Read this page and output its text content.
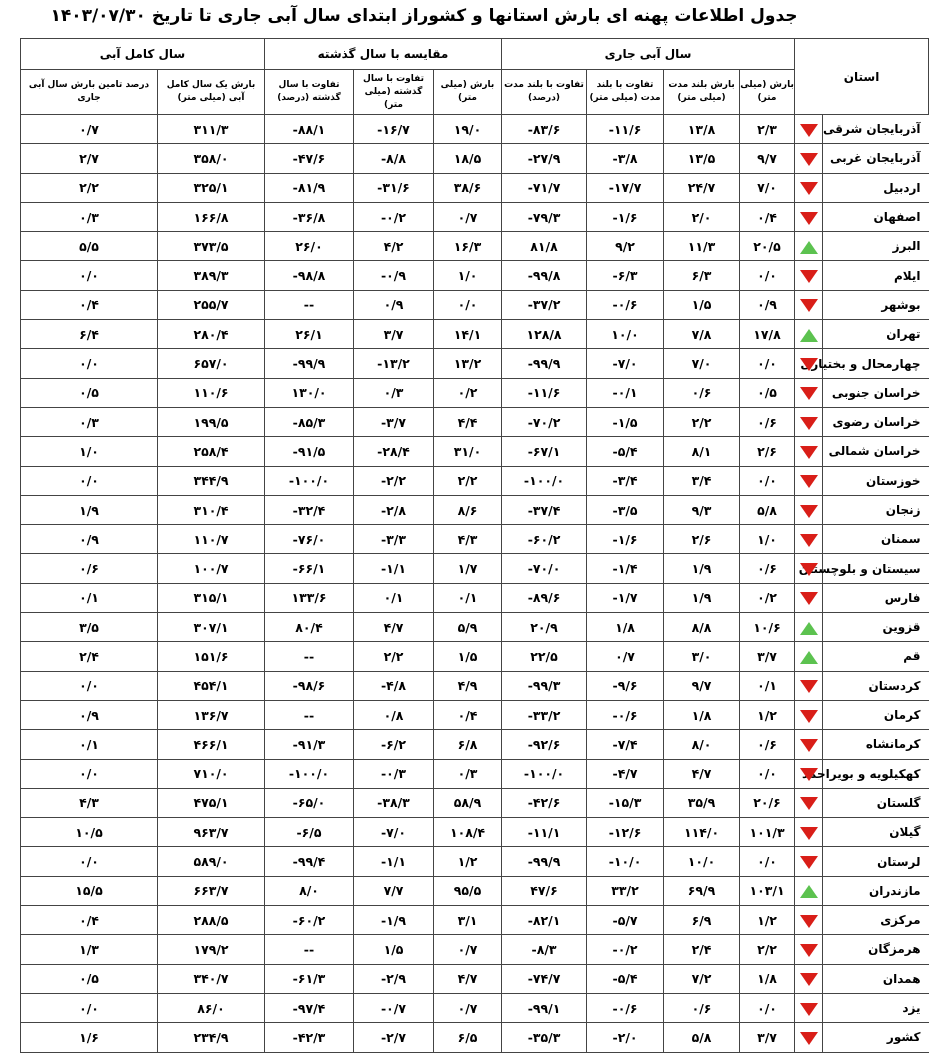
جدول اطلاعات پهنه ای بارش استانها و کشوراز ابتدای سال آبی جاری تا تاریخ ۱۴۰۳/۰۷/۳۰
استان		سال آبی جاری				مقایسه با سال گذشته			سال کامل آبی	
		بارش (میلی متر)	بارش بلند مدت (میلی متر)	تفاوت با بلند مدت (میلی متر)	تفاوت با بلند مدت (درصد)	بارش (میلی متر)	تفاوت با سال گذشته (میلی متر)	تفاوت با سال گذشته (درصد)	بارش یک سال کامل آبی (میلی متر)	درصد تامین بارش سال آبی جاری
آذربایجان شرقی		۲/۳	۱۳/۸	-۱۱/۶	-۸۳/۶	۱۹/۰	-۱۶/۷	-۸۸/۱	۳۱۱/۳	۰/۷
آذربایجان غربی		۹/۷	۱۳/۵	-۳/۸	-۲۷/۹	۱۸/۵	-۸/۸	-۴۷/۶	۳۵۸/۰	۲/۷
اردبیل		۷/۰	۲۴/۷	-۱۷/۷	-۷۱/۷	۳۸/۶	-۳۱/۶	-۸۱/۹	۳۲۵/۱	۲/۲
اصفهان		۰/۴	۲/۰	-۱/۶	-۷۹/۳	۰/۷	-۰/۲	-۳۶/۸	۱۶۶/۸	۰/۳
البرز		۲۰/۵	۱۱/۳	۹/۲	۸۱/۸	۱۶/۳	۴/۲	۲۶/۰	۳۷۳/۵	۵/۵
ایلام		۰/۰	۶/۳	-۶/۳	-۹۹/۸	۱/۰	-۰/۹	-۹۸/۸	۳۸۹/۳	۰/۰
بوشهر		۰/۹	۱/۵	-۰/۶	-۳۷/۲	۰/۰	۰/۹	--	۲۵۵/۷	۰/۴
تهران		۱۷/۸	۷/۸	۱۰/۰	۱۲۸/۸	۱۴/۱	۳/۷	۲۶/۱	۲۸۰/۴	۶/۴
چهارمحال و بختیاری		۰/۰	۷/۰	-۷/۰	-۹۹/۹	۱۳/۲	-۱۳/۲	-۹۹/۹	۶۵۷/۰	۰/۰
خراسان جنوبی		۰/۵	۰/۶	-۰/۱	-۱۱/۶	۰/۲	۰/۳	۱۳۰/۰	۱۱۰/۶	۰/۵
خراسان رضوی		۰/۶	۲/۲	-۱/۵	-۷۰/۲	۴/۴	-۳/۷	-۸۵/۳	۱۹۹/۵	۰/۳
خراسان شمالی		۲/۶	۸/۱	-۵/۴	-۶۷/۱	۳۱/۰	-۲۸/۴	-۹۱/۵	۲۵۸/۴	۱/۰
خوزستان		۰/۰	۳/۴	-۳/۴	-۱۰۰/۰	۲/۲	-۲/۲	-۱۰۰/۰	۳۴۴/۹	۰/۰
زنجان		۵/۸	۹/۳	-۳/۵	-۳۷/۴	۸/۶	-۲/۸	-۳۲/۴	۳۱۰/۴	۱/۹
سمنان		۱/۰	۲/۶	-۱/۶	-۶۰/۲	۴/۳	-۳/۳	-۷۶/۰	۱۱۰/۷	۰/۹
سیستان و بلوچستان		۰/۶	۱/۹	-۱/۴	-۷۰/۰	۱/۷	-۱/۱	-۶۶/۱	۱۰۰/۷	۰/۶
فارس		۰/۲	۱/۹	-۱/۷	-۸۹/۶	۰/۱	۰/۱	۱۳۳/۶	۳۱۵/۱	۰/۱
قزوین		۱۰/۶	۸/۸	۱/۸	۲۰/۹	۵/۹	۴/۷	۸۰/۴	۳۰۷/۱	۳/۵
قم		۳/۷	۳/۰	۰/۷	۲۲/۵	۱/۵	۲/۲	--	۱۵۱/۶	۲/۴
کردستان		۰/۱	۹/۷	-۹/۶	-۹۹/۳	۴/۹	-۴/۸	-۹۸/۶	۴۵۴/۱	۰/۰
کرمان		۱/۲	۱/۸	-۰/۶	-۳۳/۲	۰/۴	۰/۸	--	۱۳۶/۷	۰/۹
کرمانشاه		۰/۶	۸/۰	-۷/۴	-۹۲/۶	۶/۸	-۶/۲	-۹۱/۳	۴۶۶/۱	۰/۱
کهکیلویه و بویراحمد		۰/۰	۴/۷	-۴/۷	-۱۰۰/۰	۰/۳	-۰/۳	-۱۰۰/۰	۷۱۰/۰	۰/۰
گلستان		۲۰/۶	۳۵/۹	-۱۵/۳	-۴۲/۶	۵۸/۹	-۳۸/۳	-۶۵/۰	۴۷۵/۱	۴/۳
گیلان		۱۰۱/۳	۱۱۴/۰	-۱۲/۶	-۱۱/۱	۱۰۸/۴	-۷/۰	-۶/۵	۹۶۳/۷	۱۰/۵
لرستان		۰/۰	۱۰/۰	-۱۰/۰	-۹۹/۹	۱/۲	-۱/۱	-۹۹/۴	۵۸۹/۰	۰/۰
مازندران		۱۰۳/۱	۶۹/۹	۳۳/۲	۴۷/۶	۹۵/۵	۷/۷	۸/۰	۶۶۳/۷	۱۵/۵
مرکزی		۱/۲	۶/۹	-۵/۷	-۸۲/۱	۳/۱	-۱/۹	-۶۰/۲	۲۸۸/۵	۰/۴
هرمزگان		۲/۲	۲/۴	-۰/۲	-۸/۳	۰/۷	۱/۵	--	۱۷۹/۲	۱/۳
همدان		۱/۸	۷/۲	-۵/۴	-۷۴/۷	۴/۷	-۲/۹	-۶۱/۳	۳۴۰/۷	۰/۵
یزد		۰/۰	۰/۶	-۰/۶	-۹۹/۱	۰/۷	-۰/۷	-۹۷/۴	۸۶/۰	۰/۰
کشور		۳/۷	۵/۸	-۲/۰	-۳۵/۳	۶/۵	-۲/۷	-۴۲/۳	۲۳۴/۹	۱/۶
